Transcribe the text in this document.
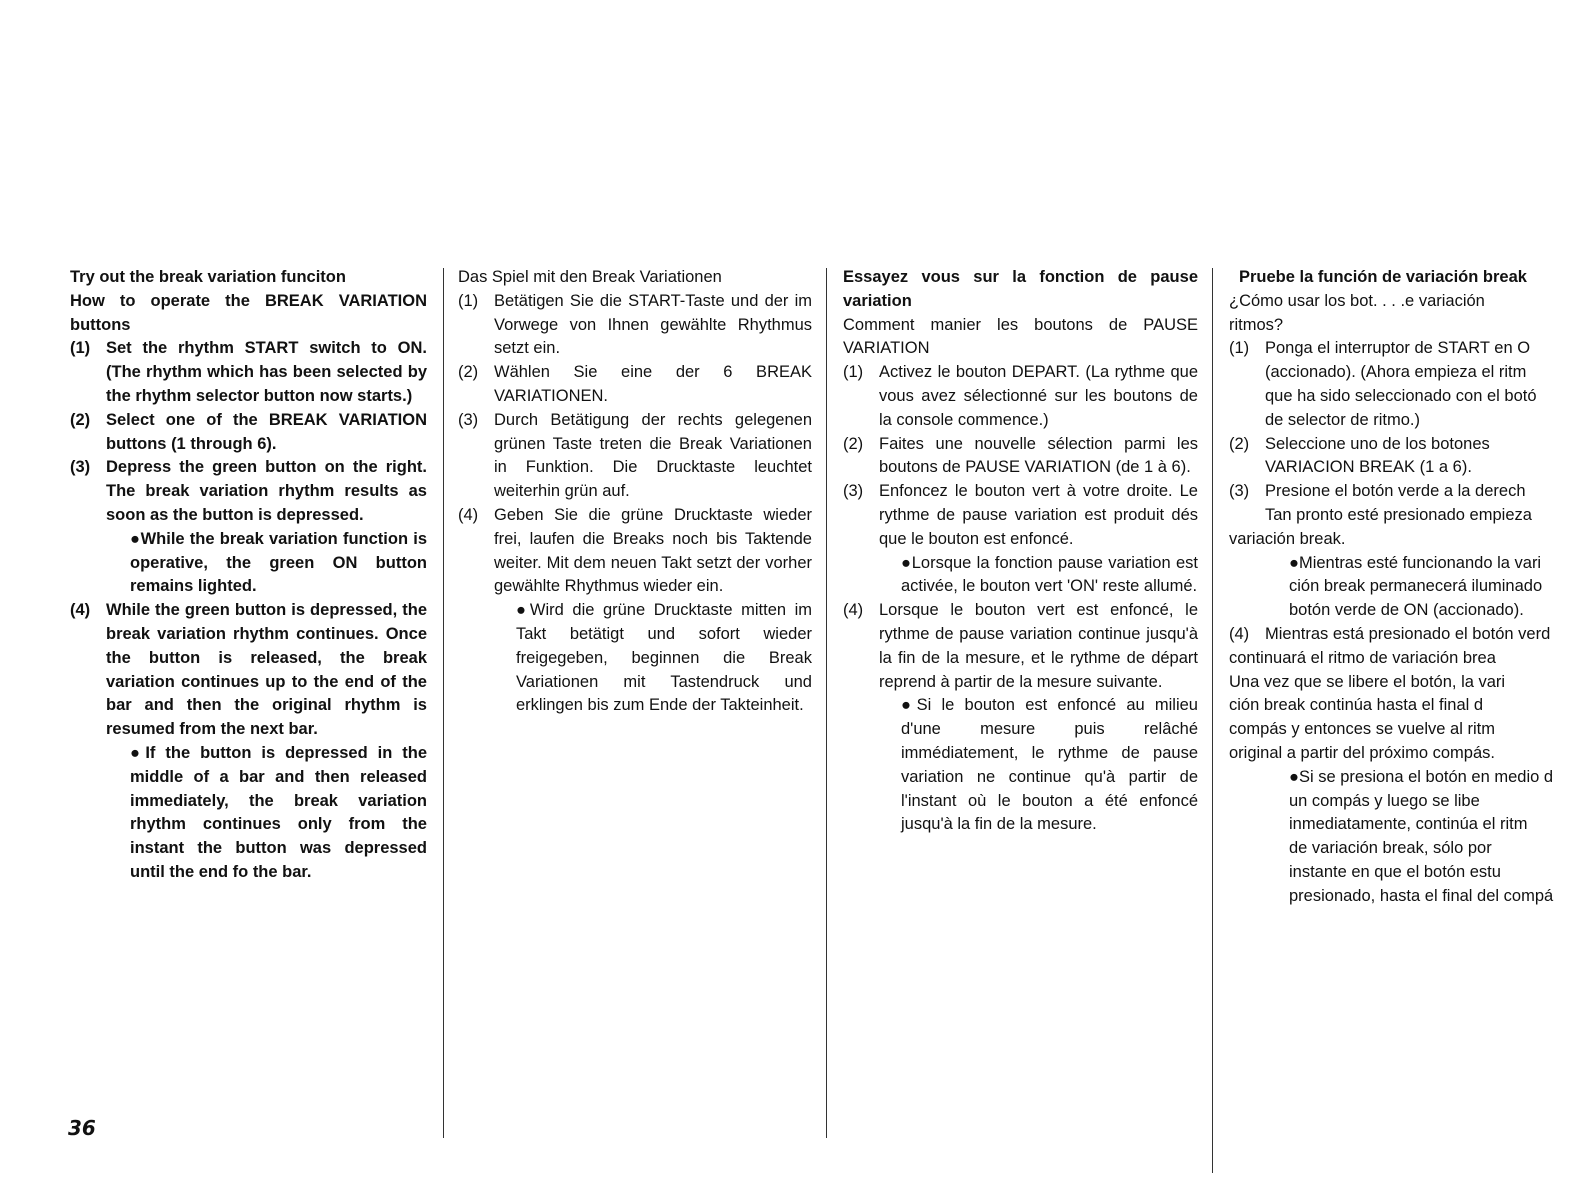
Try out the break variation funciton

How to operate the BREAK VARIATION buttons

(1) Set the rhythm START switch to ON. (The rhythm which has been selected by the rhythm selector button now starts.)
(2) Select one of the BREAK VARIATION buttons (1 through 6).
(3) Depress the green button on the right. The break variation rhythm results as soon as the button is depressed.

●While the break variation function is operative, the green ON button remains lighted.

(4) While the green button is depressed, the break variation rhythm continues. Once the button is released, the break variation continues up to the end of the bar and then the original rhythm is resumed from the next bar.

●If the button is depressed in the middle of a bar and then released immediately, the break variation rhythm continues only from the instant the button was depressed until the end fo the bar.

Das Spiel mit den Break Variationen

(1) Betätigen Sie die START-Taste und der im Vorwege von Ihnen gewählte Rhythmus setzt ein.
(2) Wählen Sie eine der 6 BREAK VARIATIONEN.
(3) Durch Betätigung der rechts gelegenen grünen Taste treten die Break Variationen in Funktion. Die Drucktaste leuchtet weiterhin grün auf.
(4) Geben Sie die grüne Drucktaste wieder frei, laufen die Breaks noch bis Taktende weiter. Mit dem neuen Takt setzt der vorher gewählte Rhythmus wieder ein.

●Wird die grüne Drucktaste mitten im Takt betätigt und sofort wieder freigegeben, beginnen die Break Variationen mit Tastendruck und erklingen bis zum Ende der Takteinheit.

Essayez vous sur la fonction de pause variation

Comment manier les boutons de PAUSE VARIATION

(1) Activez le bouton DEPART. (La rythme que vous avez sélectionné sur les boutons de la console commence.)
(2) Faites une nouvelle sélection parmi les boutons de PAUSE VARIATION (de 1 à 6).
(3) Enfoncez le bouton vert à votre droite. Le rythme de pause variation est produit dés que le bouton est enfoncé.

●Lorsque la fonction pause variation est activée, le bouton vert 'ON' reste allumé.

(4) Lorsque le bouton vert est enfoncé, le rythme de pause variation continue jusqu'à la fin de la mesure, et le rythme de départ reprend à partir de la mesure suivante.

●Si le bouton est enfoncé au milieu d'une mesure puis relâché immédiatement, le rythme de pause variation ne continue qu'à partir de l'instant où le bouton a été enfoncé jusqu'à la fin de la mesure.

Pruebe la función de variación break

¿Cómo usar los bot. . . .e variación

ritmos?

(1) Ponga el interruptor de START en O
(accionado). (Ahora empieza el ritm
que ha sido seleccionado con el botó
de selector de ritmo.)
(2) Seleccione uno de los botones
VARIACION BREAK (1 a 6).
(3) Presione el botón verde a la derech
Tan pronto esté presionado empieza

variación break.

●Mientras esté funcionando la vari
ción break permanecerá iluminado
botón verde de ON (accionado).
(4) Mientras está presionado el botón verd
continuará el ritmo de variación brea
Una vez que se libere el botón, la vari
ción break continúa hasta el final d
compás y entonces se vuelve al ritm
original a partir del próximo compás.
●Si se presiona el botón en medio d
un compás y luego se libe
inmediatamente, continúa el ritm
de variación break, sólo por
instante en que el botón estu
presionado, hasta el final del compá
36
